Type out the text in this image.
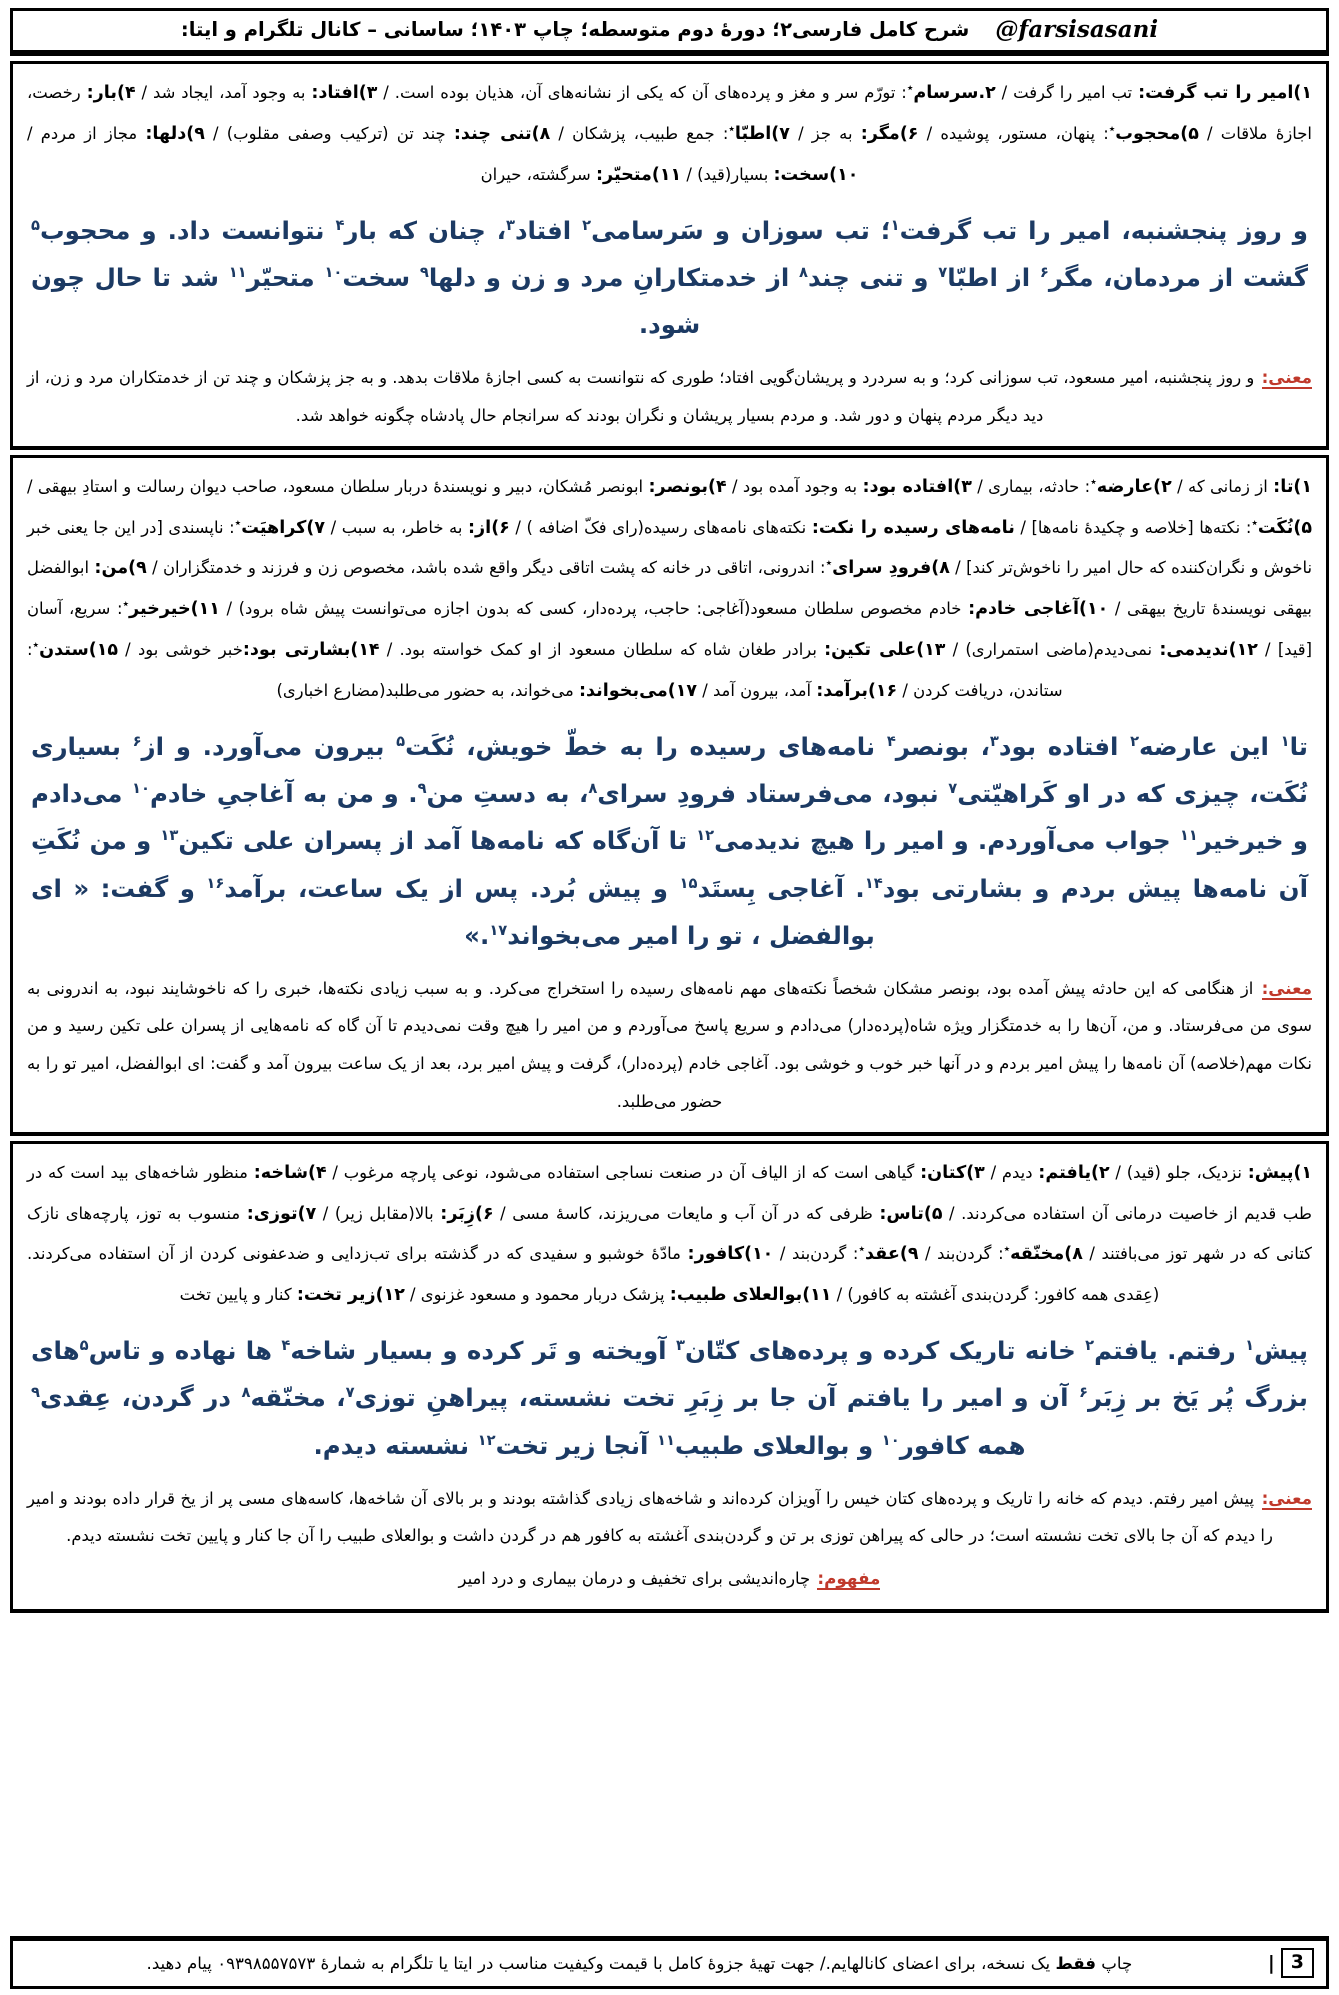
@farsisasani
شرح کامل فارسی۲؛ دورهٔ دوم متوسطه؛ چاپ ۱۴۰۳؛ ساسانی – کانال تلگرام و ایتا:
۱)امیر را تب گرفت: تب امیر را گرفت / ۲.سرسام٭: تورّم سر و مغز و پرده‌های آن که یکی از نشانه‌های آن، هذیان بوده است. / ۳)افتاد: به وجود آمد، ایجاد شد / ۴)بار: رخصت، اجازهٔ ملاقات / ۵)محجوب٭: پنهان، مستور، پوشیده / ۶)مگر: به جز / ۷)اطبّا٭: جمع طبیب، پزشکان / ۸)تنی چند: چند تن (ترکیب وصفی مقلوب) / ۹)دلها: مجاز از مردم / ۱۰)سخت: بسیار(قید) / ۱۱)متحیّر: سرگشته، حیران
و روز پنجشنبه، امیر را تب گرفت$^۱$؛ تب سوزان و سَرسامی$^۲$ افتاد$^۳$، چنان که بار$^۴$ نتوانست داد. و محجوب$^۵$ گشت از مردمان، مگر$^۶$ از اطبّا$^۷$ و تنی چند$^۸$ از خدمتکارانِ مرد و زن و دلها$^۹$ سخت$^{۱۰}$ متحیّر$^{۱۱}$ شد تا حال چون شود.
معنی: و روز پنجشنبه، امیر مسعود، تب سوزانی کرد؛ و به سردرد و پریشان‌گویی افتاد؛ طوری که نتوانست به کسی اجازهٔ ملاقات بدهد. و به جز پزشکان و چند تن از خدمتکاران مرد و زن، از دید دیگر مردم پنهان و دور شد. و مردم بسیار پریشان و نگران بودند که سرانجام حال پادشاه چگونه خواهد شد.
۱)تا: از زمانی که / ۲)عارضه٭: حادثه، بیماری / ۳)افتاده بود: به وجود آمده بود / ۴)بونصر: ابونصر مُشکان، دبیر و نویسندهٔ دربار سلطان مسعود، صاحب دیوان رسالت و استادِ بیهقی / ۵)نُکَت٭: نکته‌ها [خلاصه و چکیدهٔ نامه‌ها] / نامه‌های رسیده را نکت: نکته‌های نامه‌های رسیده(رای فکّ اضافه ) / ۶)از: به خاطر، به سبب / ۷)کراهیَت٭: ناپسندی [در این جا یعنی خبر ناخوش و نگران‌کننده که حال امیر را ناخوش‌تر کند] / ۸)فرودِ سرای٭: اندرونی، اتاقی در خانه که پشت اتاقی دیگر واقع شده باشد، مخصوص زن و فرزند و خدمتگزاران / ۹)من: ابوالفضل بیهقی نویسندهٔ تاریخ بیهقی / ۱۰)آغاجی خادم: خادم مخصوص سلطان مسعود(آغاجی: حاجب، پرده‌دار، کسی که بدون اجازه می‌توانست پیش شاه برود) / ۱۱)خیرخیر٭: سریع، آسان [قید] / ۱۲)ندیدمی: نمی‌دیدم(ماضی استمراری) / ۱۳)علی تکین: برادر طغان شاه که سلطان مسعود از او کمک خواسته بود. / ۱۴)بشارتی بود:خبر خوشی بود / ۱۵)ستدن٭: ستاندن، دریافت کردن / ۱۶)برآمد: آمد، بیرون آمد / ۱۷)می‌بخواند: می‌خواند، به حضور می‌طلبد(مضارع اخباری)
تا$^۱$ این عارضه$^۲$ افتاده بود$^۳$، بونصر$^۴$ نامه‌های رسیده را به خطّ خویش، نُکَت$^۵$ بیرون می‌آورد. و از$^۶$ بسیاری نُکَت، چیزی که در او کَراهیّتی$^۷$ نبود، می‌فرستاد فرودِ سرای$^۸$، به دستِ من$^۹$. و من به آغاجیِ خادم$^{۱۰}$ می‌دادم و خیرخیر$^{۱۱}$ جواب می‌آوردم. و امیر را هیچ ندیدمی$^{۱۲}$ تا آن‌گاه که نامه‌ها آمد از پسران علی تکین$^{۱۳}$ و من نُکَتِ آن نامه‌ها پیش بردم و بشارتی بود$^{۱۴}$. آغاجی بِستَد$^{۱۵}$ و پیش بُرد. پس از یک ساعت، برآمد$^{۱۶}$ و گفت: « ای بوالفضل ، تو را امیر می‌بخواند$^{۱۷}$.»
معنی: از هنگامی که این حادثه پیش آمده بود، بونصر مشکان شخصاً نکته‌های مهم نامه‌های رسیده را استخراج می‌کرد. و به سبب زیادی نکته‌ها، خبری را که ناخوشایند نبود، به اندرونی به سوی من می‌فرستاد. و من، آن‌ها را به خدمتگزار ویژه شاه(پرده‌دار) می‌دادم و سریع پاسخ می‌آوردم و من امیر را هیچ وقت نمی‌دیدم تا آن گاه که نامه‌هایی از پسران علی تکین رسید و من نکات مهم(خلاصه) آن نامه‌ها را پیش امیر بردم و در آنها خبر خوب و خوشی بود. آغاجی خادم (پرده‌دار)، گرفت و پیش امیر برد، بعد از یک ساعت بیرون آمد و گفت: ای ابوالفضل، امیر تو را به حضور می‌طلبد.
۱)پیش: نزدیک، جلو (قید) / ۲)یافتم: دیدم / ۳)کتان: گیاهی است که از الیاف آن در صنعت نساجی استفاده می‌شود، نوعی پارچه مرغوب / ۴)شاخه: منظور شاخه‌های بید است که در طب قدیم از خاصیت درمانی آن استفاده می‌کردند. / ۵)تاس: ظرفی که در آن آب و مایعات می‌ریزند، کاسهٔ مسی / ۶)زِبَر: بالا(مقابل زیر) / ۷)توزی: منسوب به توز، پارچه‌های نازک کتانی که در شهر توز می‌بافتند / ۸)مخنّقه٭: گردن‌بند / ۹)عقد٭: گردن‌بند / ۱۰)کافور: مادّهٔ خوشبو و سفیدی که در گذشته برای تب‌زدایی و ضدعفونی کردن از آن استفاده می‌کردند.(عِقدی همه کافور: گردن‌بندی آغشته به کافور) / ۱۱)بوالعلای طبیب: پزشک دربار محمود و مسعود غزنوی / ۱۲)زیر تخت: کنار و پایین تخت
پیش$^۱$ رفتم. یافتم$^۲$ خانه تاریک کرده و پرده‌های کتّان$^۳$ آویخته و تَر کرده و بسیار شاخه$^۴$ ها نهاده و تاس$^۵$های بزرگ پُر یَخ بر زِبَر$^۶$ آن و امیر را یافتم آن جا بر زِبَرِ تخت نشسته، پیراهنِ توزی$^۷$، مخنّقه$^۸$ در گردن، عِقدی$^۹$ همه کافور$^{۱۰}$ و بوالعلای طبیب$^{۱۱}$ آنجا زیر تخت$^{۱۲}$ نشسته دیدم.
معنی: پیش امیر رفتم. دیدم که خانه را تاریک و پرده‌های کتان خیس را آویزان کرده‌اند و شاخه‌های زیادی گذاشته بودند و بر بالای آن شاخه‌ها، کاسه‌های مسی پر از یخ قرار داده بودند و امیر را دیدم که آن جا بالای تخت نشسته است؛ در حالی که پیراهن توزی بر تن و گردن‌بندی آغشته به کافور هم در گردن داشت و بوالعلای طبیب را آن جا کنار و پایین تخت نشسته دیدم.
مفهوم: چاره‌اندیشی برای تخفیف و درمان بیماری و درد امیر
3
|
چاپ فقط یک نسخه، برای اعضای کانالهایم./ جهت تهیهٔ جزوهٔ کامل با قیمت وکیفیت مناسب در ایتا یا تلگرام به شمارهٔ ۰۹۳۹۸۵۵۷۵۷۳ پیام دهید.
